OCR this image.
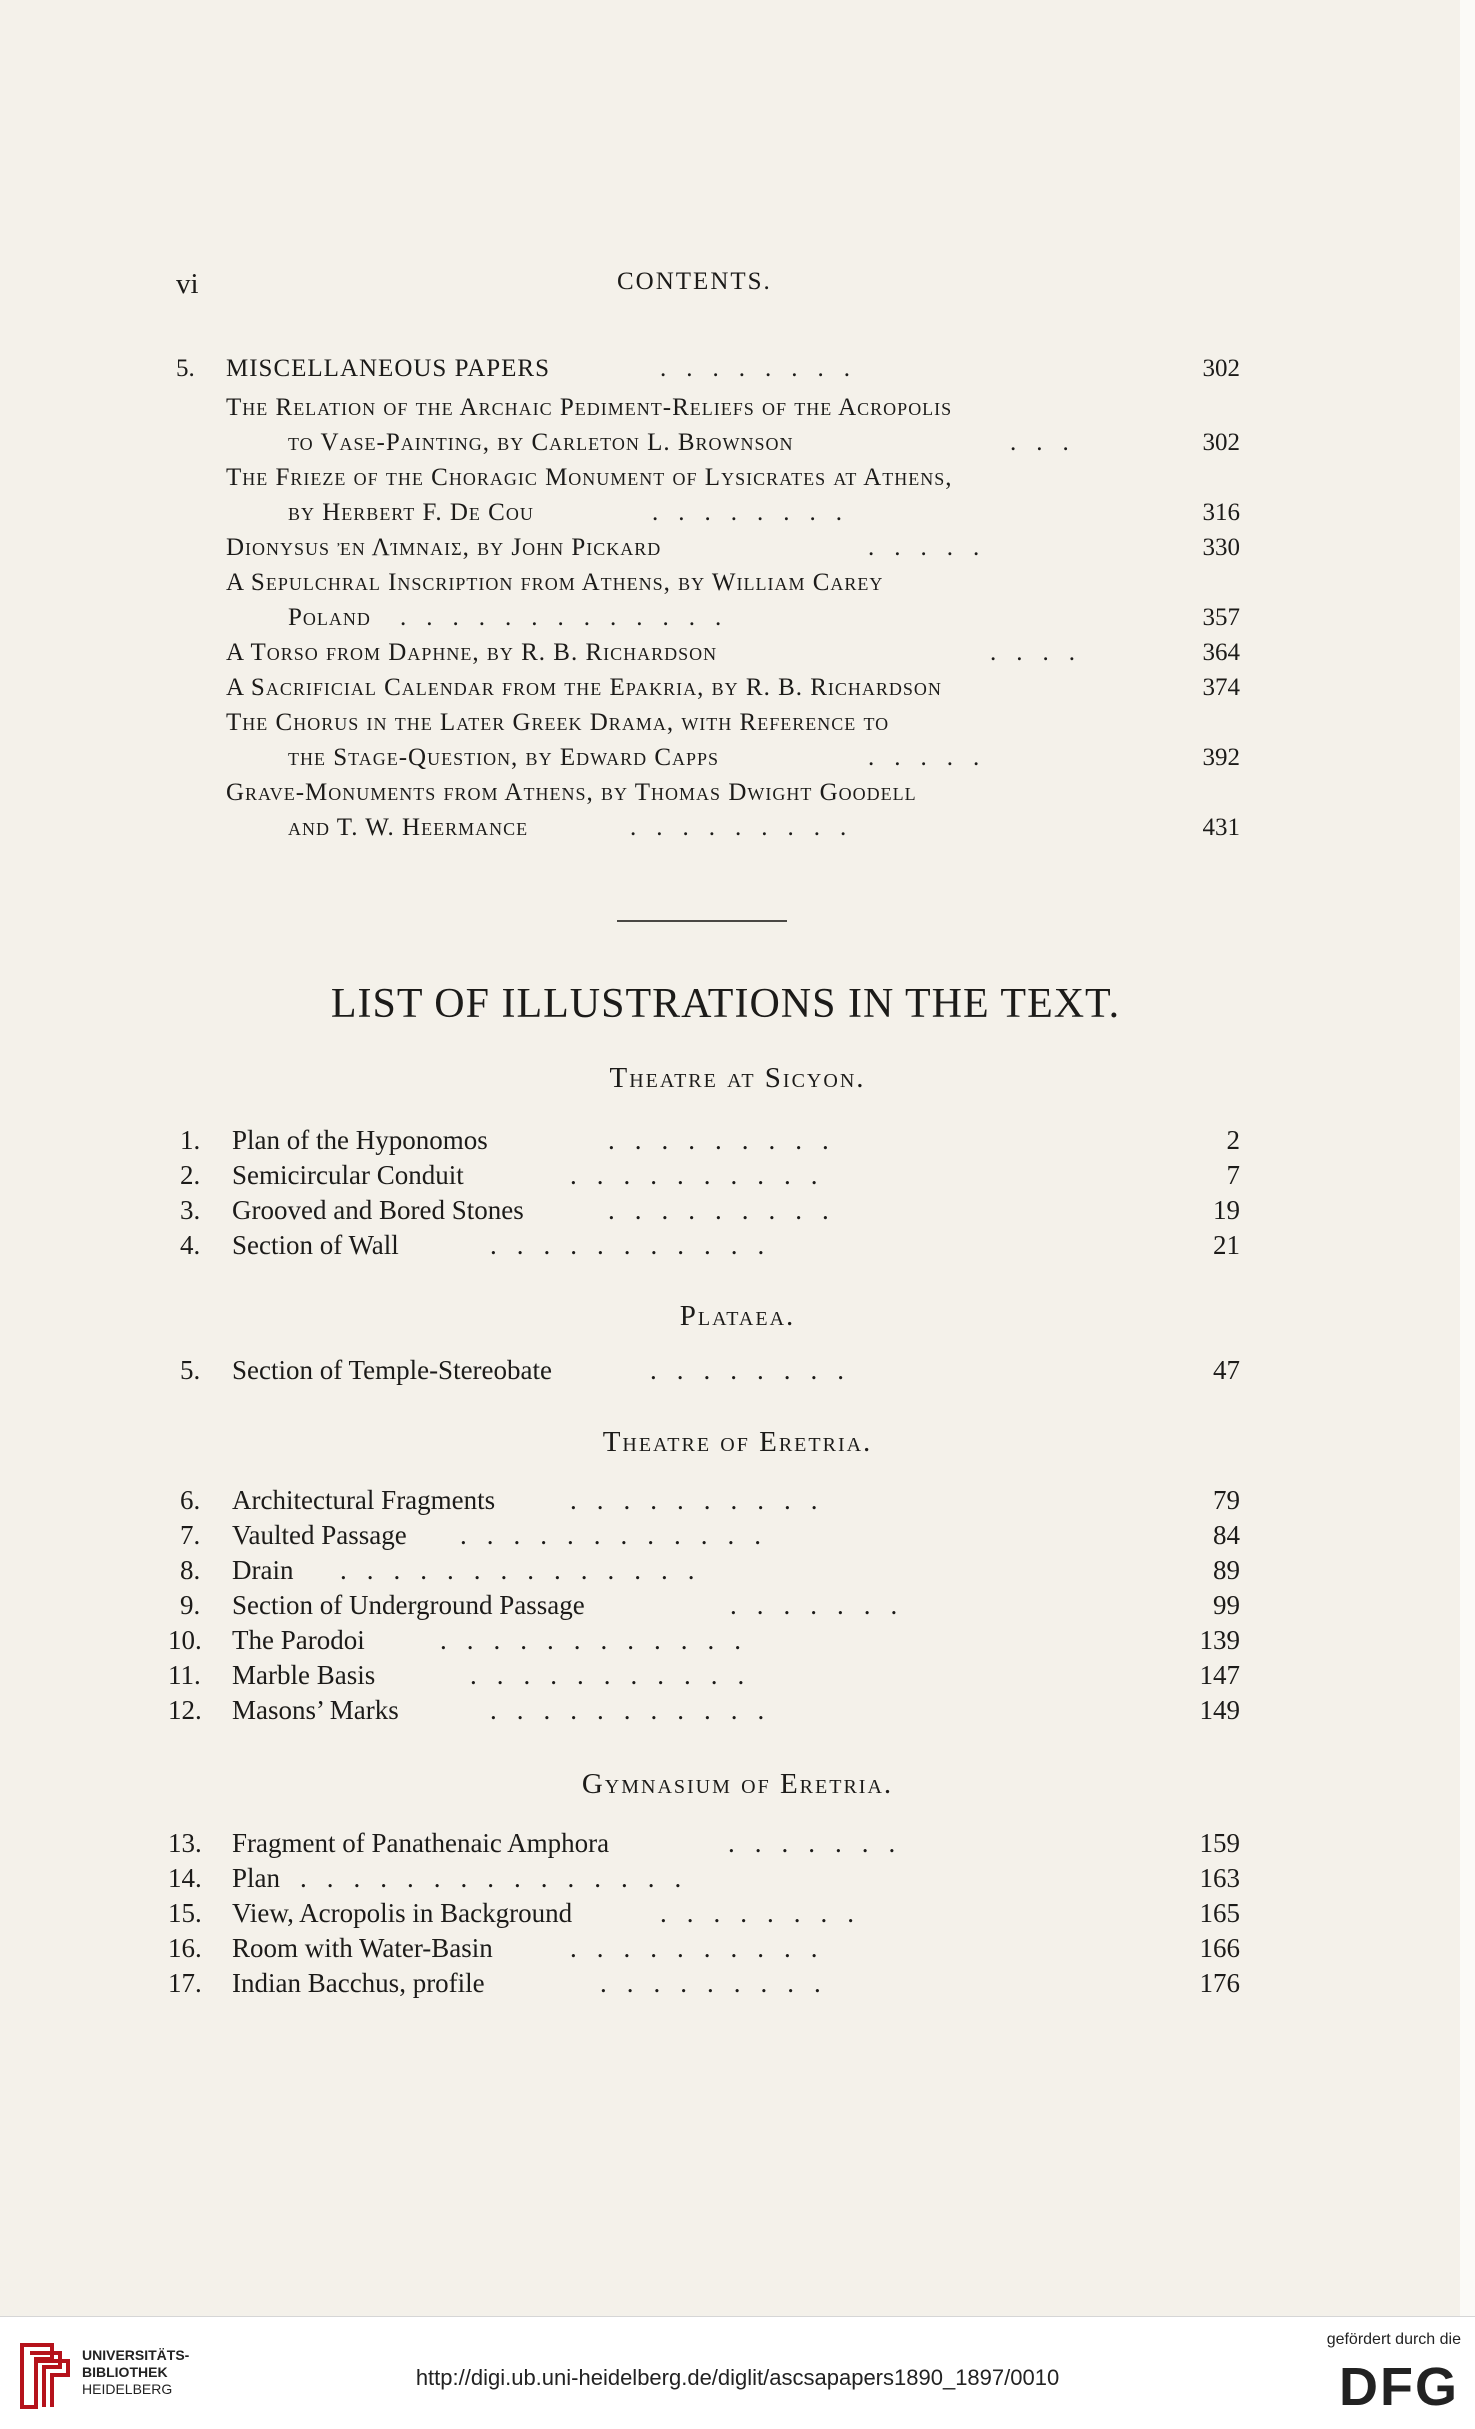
vi	CONTENTS.
5. MISCELLANEOUS PAPERS	........	302
The Relation of the Archaic Pediment-Reliefs of the Acropolis
to Vase-Painting, by Carleton L. Brownson	...	302
The Frieze of the Choragic Monument of Lysicrates at Athens,
by Herbert F. De Cou	........	316
Dionysus ἐν Λίμναις, by John Pickard	.....	330
A Sepulchral Inscription from Athens, by William Carey
Poland .............	357
A Torso from Daphne, by R. B. Richardson	....	364
A Sacrificial Calendar from the Epakria, by R. B. Richardson	374
The Chorus in the Later Greek Drama, with Reference to
the Stage-Question, by Edward Capps	.....	392
Grave-Monuments from Athens, by Thomas Dwight Goodell
and T. W. Heermance	.........	431
LIST OF ILLUSTRATIONS IN THE TEXT.
Theatre at Sicyon.
1. Plan of the Hyponomos	.........	2
2. Semicircular Conduit	..........	7
3. Grooved and Bored Stones	.........	19
4. Section of Wall	...........	21
Plataea.
5. Section of Temple-Stereobate	........	47
Theatre of Eretria.
6. Architectural Fragments	..........	79
7. Vaulted Passage ............	84
8. Drain ..............	89
9. Section of Underground Passage	.......	99
10. The Parodoi	............	139
11. Marble Basis	...........	147
12. Masons’ Marks	...........	149
Gymnasium of Eretria.
13. Fragment of Panathenaic Amphora	.......	159
14. Plan ...............	163
15. View, Acropolis in Background	........	165
16. Room with Water-Basin	..........	166
17. Indian Bacchus, profile	.........	176
UNIVERSITÄTS-
BIBLIOTHEK
HEIDELBERG	http://digi.ub.uni-heidelberg.de/diglit/ascsapapers1890_1897/0010
gefördert durch die
DFG
